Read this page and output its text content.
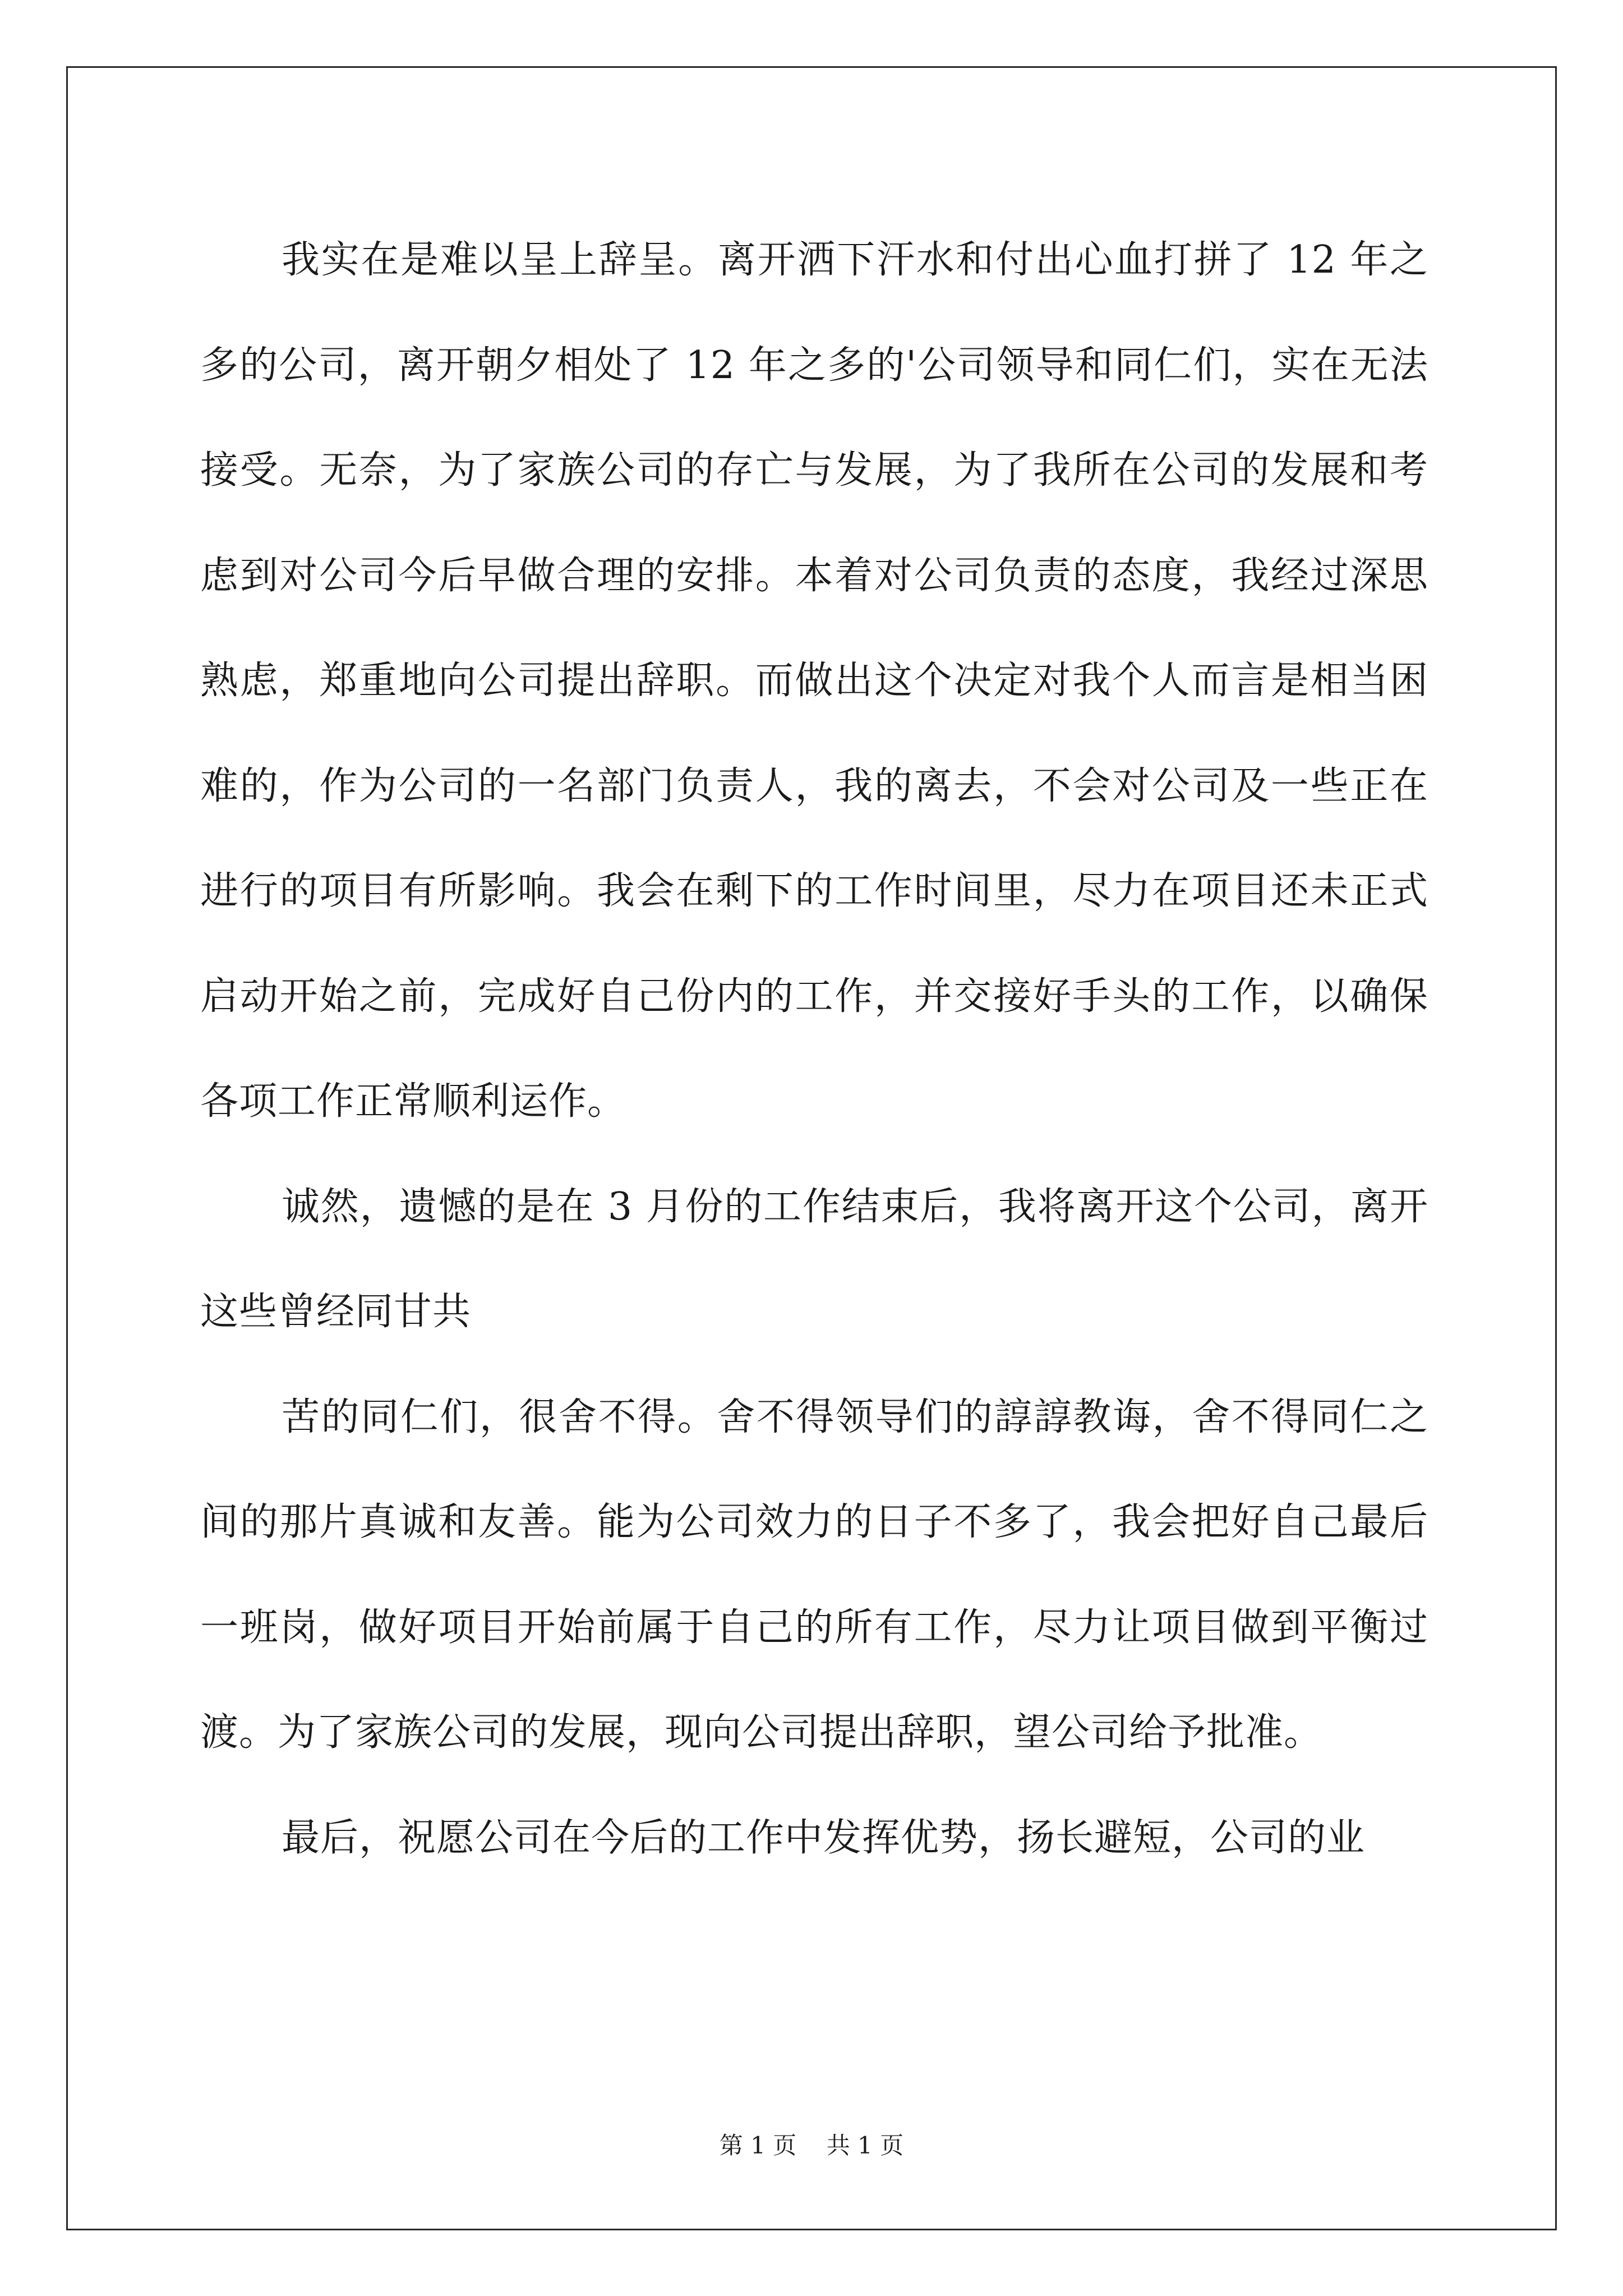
我实在是难以呈上辞呈。离开洒下汗水和付出心血打拼了 12 年之多的公司，离开朝夕相处了 12 年之多的'公司领导和同仁们，实在无法接受。无奈，为了家族公司的存亡与发展，为了我所在公司的发展和考虑到对公司今后早做合理的安排。本着对公司负责的态度，我经过深思熟虑，郑重地向公司提出辞职。而做出这个决定对我个人而言是相当困难的，作为公司的一名部门负责人，我的离去，不会对公司及一些正在进行的项目有所影响。我会在剩下的工作时间里，尽力在项目还未正式启动开始之前，完成好自己份内的工作，并交接好手头的工作，以确保各项工作正常顺利运作。

诚然，遗憾的是在 3 月份的工作结束后，我将离开这个公司，离开这些曾经同甘共

苦的同仁们，很舍不得。舍不得领导们的諄諄教诲，舍不得同仁之间的那片真诚和友善。能为公司效力的日子不多了，我会把好自己最后一班岗，做好项目开始前属于自己的所有工作，尽力让项目做到平衡过渡。为了家族公司的发展，现向公司提出辞职，望公司给予批准。

最后，祝愿公司在今后的工作中发挥优势，扬长避短，公司的业

第 1 页 共 1 页
